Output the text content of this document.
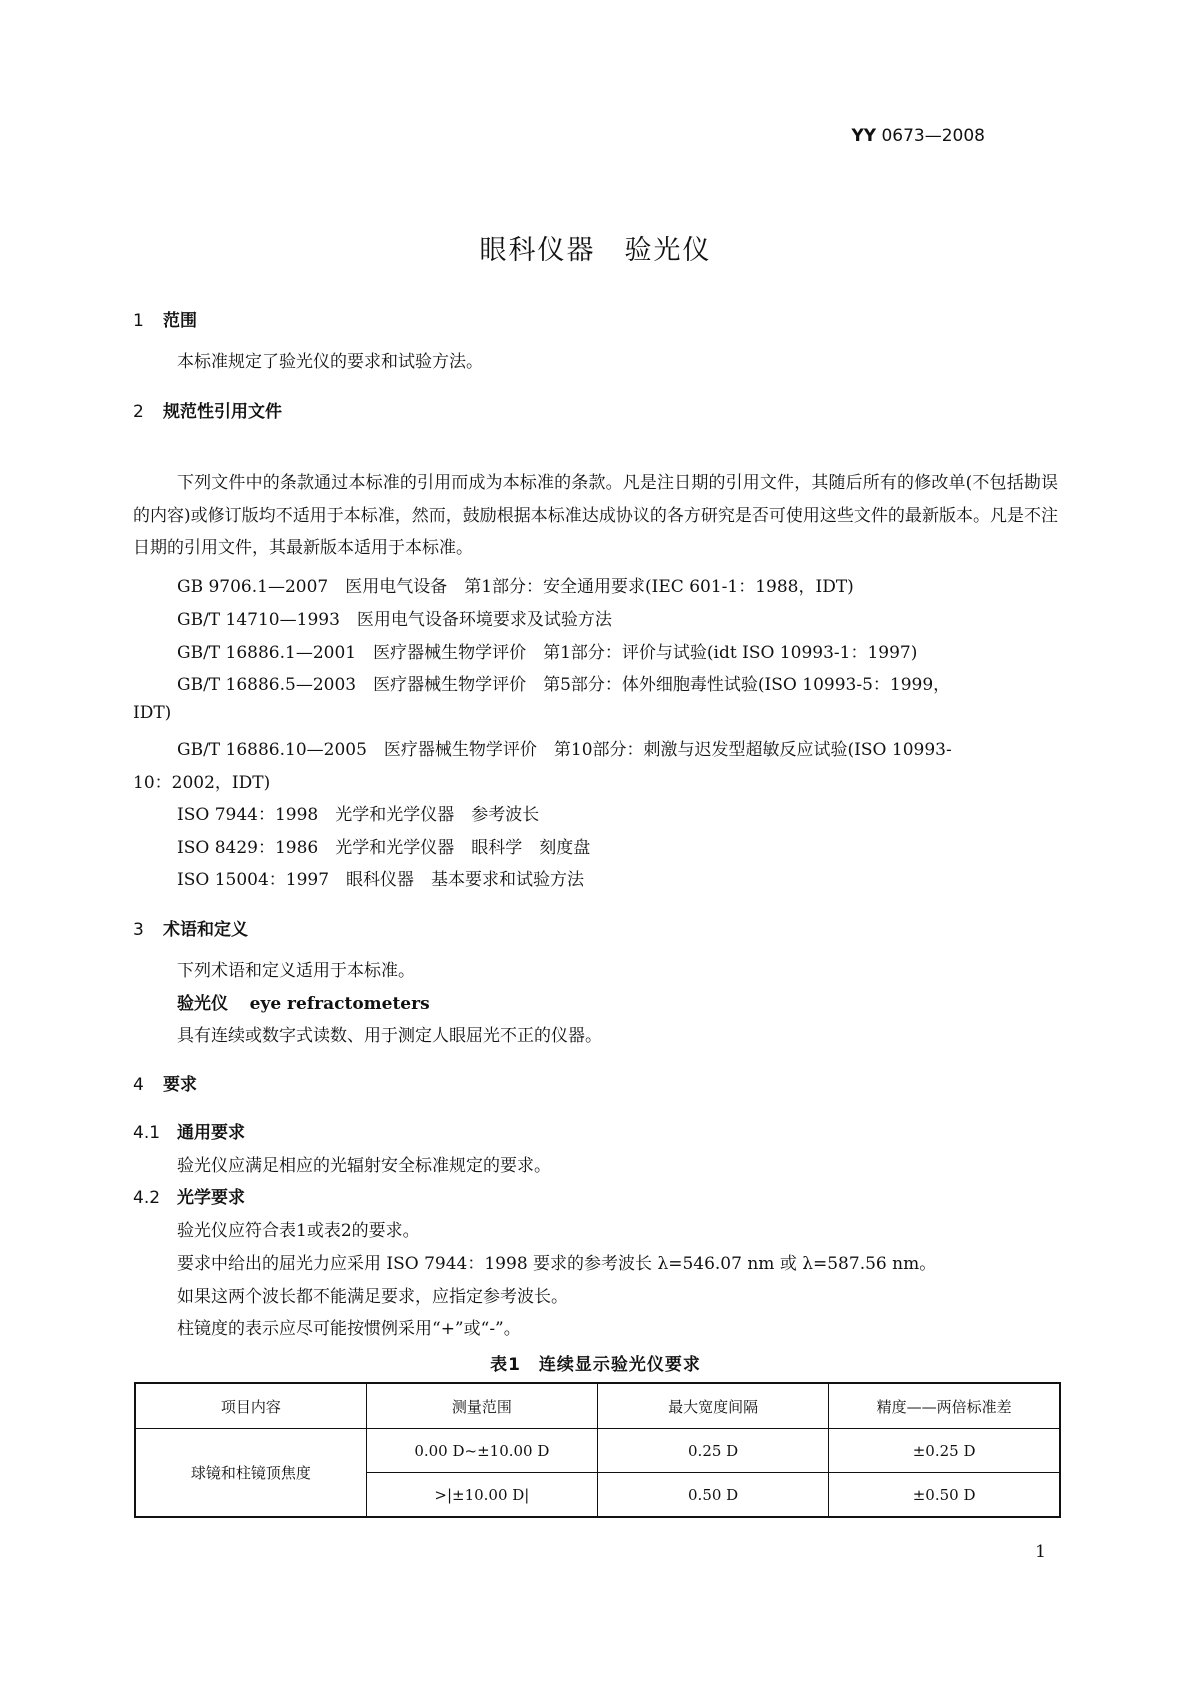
YY 0673—2008
眼科仪器　验光仪
1 范围
本标准规定了验光仪的要求和试验方法。
2 规范性引用文件
下列文件中的条款通过本标准的引用而成为本标准的条款。凡是注日期的引用文件，其随后所有的修改单(不包括勘误的内容)或修订版均不适用于本标准，然而，鼓励根据本标准达成协议的各方研究是否可使用这些文件的最新版本。凡是不注日期的引用文件，其最新版本适用于本标准。
GB 9706.1—2007　医用电气设备　第1部分：安全通用要求(IEC 601-1：1988，IDT)
GB/T 14710—1993　医用电气设备环境要求及试验方法
GB/T 16886.1—2001　医疗器械生物学评价　第1部分：评价与试验(idt ISO 10993-1：1997)
GB/T 16886.5—2003　医疗器械生物学评价　第5部分：体外细胞毒性试验(ISO 10993-5：1999，
IDT)
GB/T 16886.10—2005　医疗器械生物学评价　第10部分：刺激与迟发型超敏反应试验(ISO 10993-
10：2002，IDT)
ISO 7944：1998　光学和光学仪器　参考波长
ISO 8429：1986　光学和光学仪器　眼科学　刻度盘
ISO 15004：1997　眼科仪器　基本要求和试验方法
3 术语和定义
下列术语和定义适用于本标准。
验光仪 eye refractometers
具有连续或数字式读数、用于测定人眼屈光不正的仪器。
4 要求
4.1 通用要求
验光仪应满足相应的光辐射安全标准规定的要求。
4.2 光学要求
验光仪应符合表1或表2的要求。
要求中给出的屈光力应采用 ISO 7944：1998 要求的参考波长 λ=546.07 nm 或 λ=587.56 nm。
如果这两个波长都不能满足要求，应指定参考波长。
柱镜度的表示应尽可能按惯例采用“+”或“-”。
表1　连续显示验光仪要求
项目内容	测量范围	最大宽度间隔	精度——两倍标准差
球镜和柱镜顶焦度	0.00 D~±10.00 D	0.25 D	±0.25 D
	>|±10.00 D|	0.50 D	±0.50 D
1
